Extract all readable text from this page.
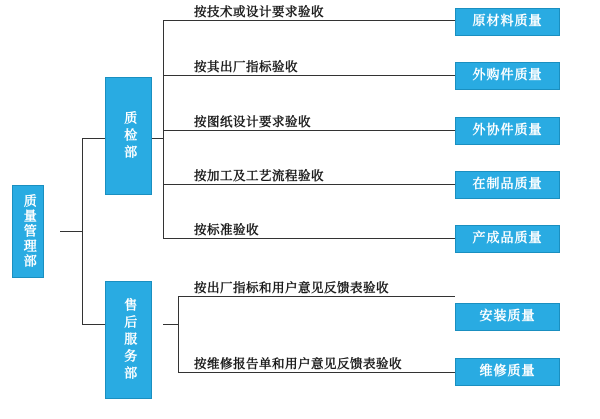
质量管理部
质检部
售后服务部
按技术或设计要求验收
按其出厂指标验收
按图纸设计要求验收
按加工及工艺流程验收
按标准验收
按出厂指标和用户意见反馈表验收
按维修报告单和用户意见反馈表验收
原材料质量
外购件质量
外协件质量
在制品质量
产成品质量
安装质量
维修质量
